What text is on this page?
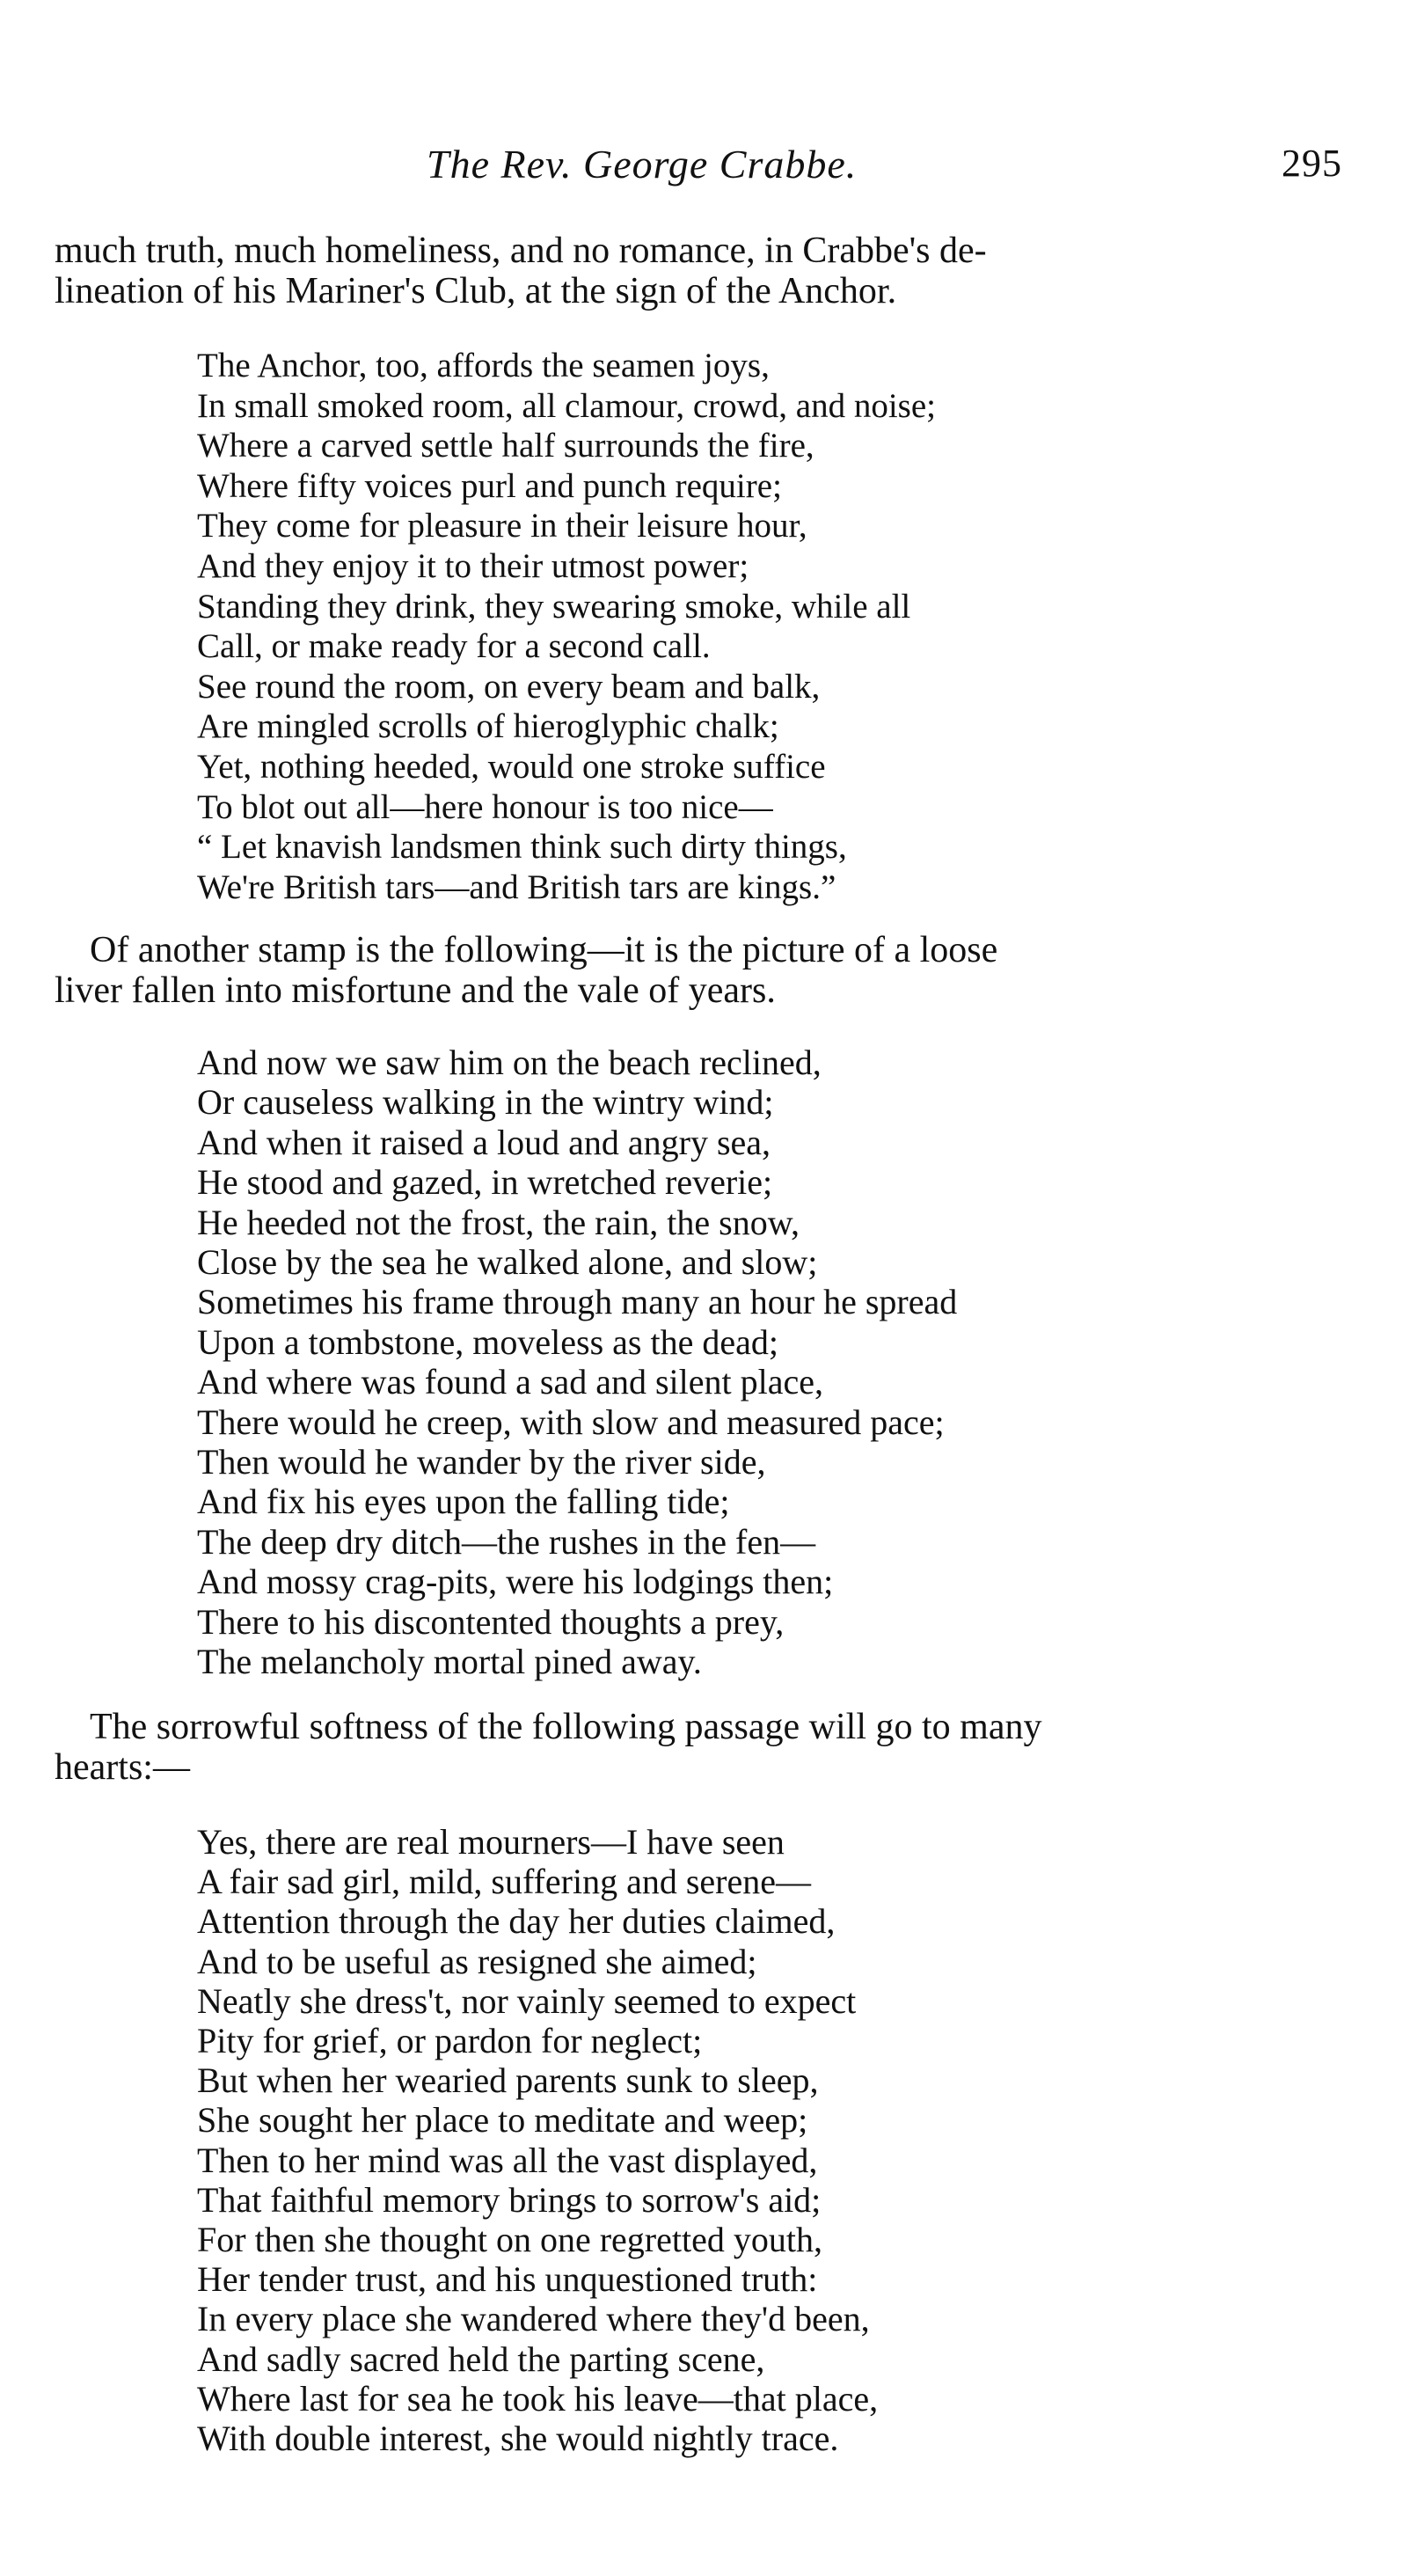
The Rev. George Crabbe.	295
much truth, much homeliness, and no romance, in Crabbe's de-
lineation of his Mariner's Club, at the sign of the Anchor.
The Anchor, too, affords the seamen joys,
In small smoked room, all clamour, crowd, and noise;
Where a carved settle half surrounds the fire,
Where fifty voices purl and punch require;
They come for pleasure in their leisure hour,
And they enjoy it to their utmost power;
Standing they drink, they swearing smoke, while all
Call, or make ready for a second call.
See round the room, on every beam and balk,
Are mingled scrolls of hieroglyphic chalk;
Yet, nothing heeded, would one stroke suffice
To blot out all—here honour is too nice—
“ Let knavish landsmen think such dirty things,
We're British tars—and British tars are kings.”
Of another stamp is the following—it is the picture of a loose
liver fallen into misfortune and the vale of years.
And now we saw him on the beach reclined,
Or causeless walking in the wintry wind;
And when it raised a loud and angry sea,
He stood and gazed, in wretched reverie;
He heeded not the frost, the rain, the snow,
Close by the sea he walked alone, and slow;
Sometimes his frame through many an hour he spread
Upon a tombstone, moveless as the dead;
And where was found a sad and silent place,
There would he creep, with slow and measured pace;
Then would he wander by the river side,
And fix his eyes upon the falling tide;
The deep dry ditch—the rushes in the fen—
And mossy crag-pits, were his lodgings then;
There to his discontented thoughts a prey,
The melancholy mortal pined away.
The sorrowful softness of the following passage will go to many
hearts:—
Yes, there are real mourners—I have seen
A fair sad girl, mild, suffering and serene—
Attention through the day her duties claimed,
And to be useful as resigned she aimed;
Neatly she dress't, nor vainly seemed to expect
Pity for grief, or pardon for neglect;
But when her wearied parents sunk to sleep,
She sought her place to meditate and weep;
Then to her mind was all the vast displayed,
That faithful memory brings to sorrow's aid;
For then she thought on one regretted youth,
Her tender trust, and his unquestioned truth:
In every place she wandered where they'd been,
And sadly sacred held the parting scene,
Where last for sea he took his leave—that place,
With double interest, she would nightly trace.
